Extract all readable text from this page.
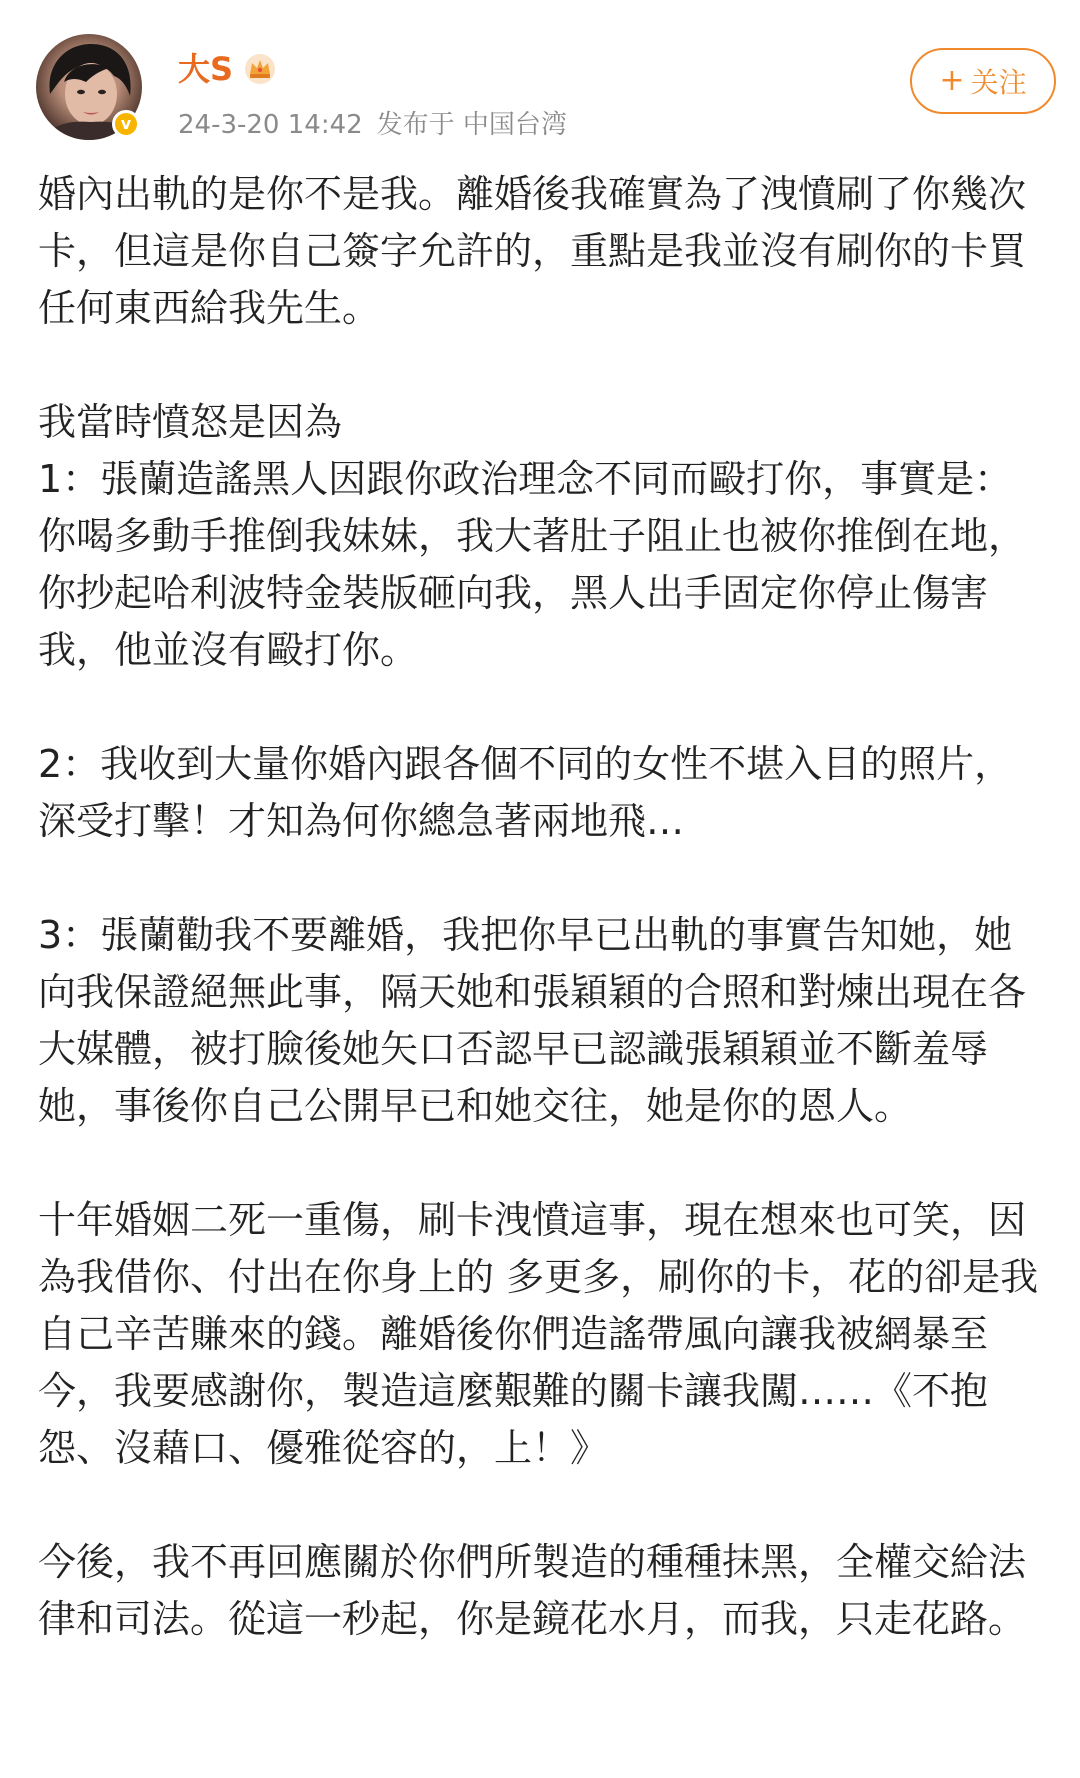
v
大S
24-3-20 14:42 发布于 中国台湾
+ 关注

婚內出軌的是你不是我。離婚後我確實為了洩憤刷了你幾次卡，但這是你自己簽字允許的，重點是我並沒有刷你的卡買任何東西給我先生。

我當時憤怒是因為
1：張蘭造謠黑人因跟你政治理念不同而毆打你，事實是：你喝多動手推倒我妹妹，我大著肚子阻止也被你推倒在地，你抄起哈利波特金裝版砸向我，黑人出手固定你停止傷害我，他並沒有毆打你。

2：我收到大量你婚內跟各個不同的女性不堪入目的照片，深受打擊！才知為何你總急著兩地飛…

3：張蘭勸我不要離婚，我把你早已出軌的事實告知她，她向我保證絕無此事，隔天她和張穎穎的合照和對煉出現在各大媒體，被打臉後她矢口否認早已認識張穎穎並不斷羞辱她，事後你自己公開早已和她交往，她是你的恩人。

十年婚姻二死一重傷，刷卡洩憤這事，現在想來也可笑，因為我借你、付出在你身上的 多更多，刷你的卡，花的卻是我自己辛苦賺來的錢。離婚後你們造謠帶風向讓我被網暴至今，我要感謝你，製造這麼艱難的關卡讓我闖……《不抱怨、沒藉口、優雅從容的，上！》

今後，我不再回應關於你們所製造的種種抹黑，全權交給法律和司法。從這一秒起，你是鏡花水月，而我，只走花路。
